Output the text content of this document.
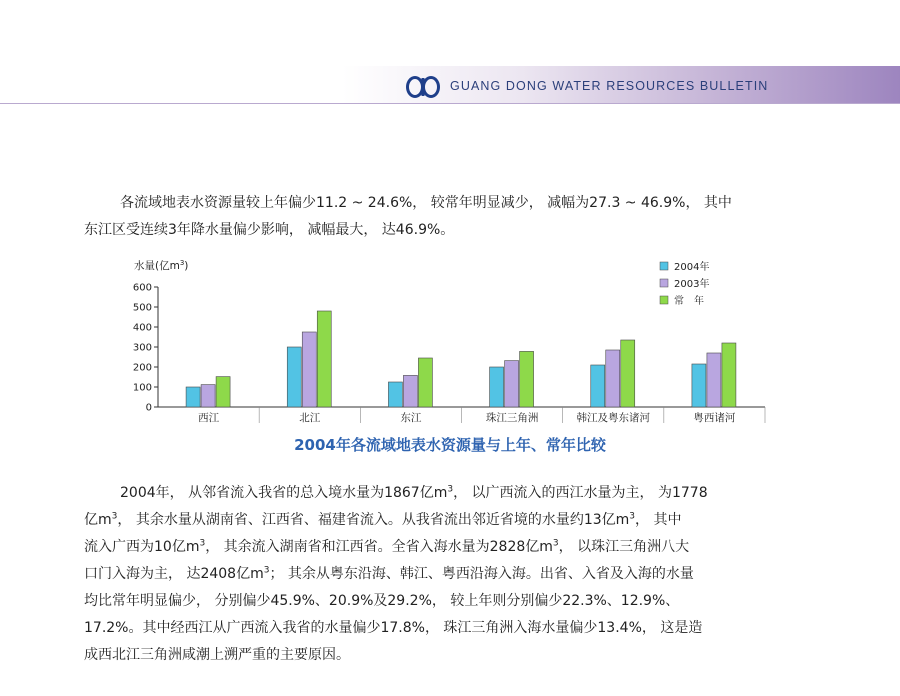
GUANG DONG WATER RESOURCES BULLETIN
各流域地表水资源量较上年偏少11.2 ~ 24.6%， 较常年明显减少， 减幅为27.3 ~ 46.9%， 其中

东江区受连续3年降水量偏少影响， 减幅最大， 达46.9%。
水量(亿$m^3$)
0
100
200
300
400
500
600
西江	北江	东江	珠江三角洲	韩江及粤东诸河	粤西诸河
2004年
2003年
常　年
2004年各流域地表水资源量与上年、常年比较
2004年， 从邻省流入我省的总入境水量为1867亿$m^3$， 以广西流入的西江水量为主， 为1778
亿$m^3$， 其余水量从湖南省、江西省、福建省流入。从我省流出邻近省境的水量约13亿$m^3$， 其中
流入广西为10亿$m^3$， 其余流入湖南省和江西省。全省入海水量为2828亿$m^3$， 以珠江三角洲八大
口门入海为主， 达2408亿$m^3$； 其余从粤东沿海、韩江、粤西沿海入海。出省、入省及入海的水量
均比常年明显偏少， 分别偏少45.9%、20.9%及29.2%， 较上年则分别偏少22.3%、12.9%、
17.2%。其中经西江从广西流入我省的水量偏少17.8%， 珠江三角洲入海水量偏少13.4%， 这是造
成西北江三角洲咸潮上溯严重的主要原因。
